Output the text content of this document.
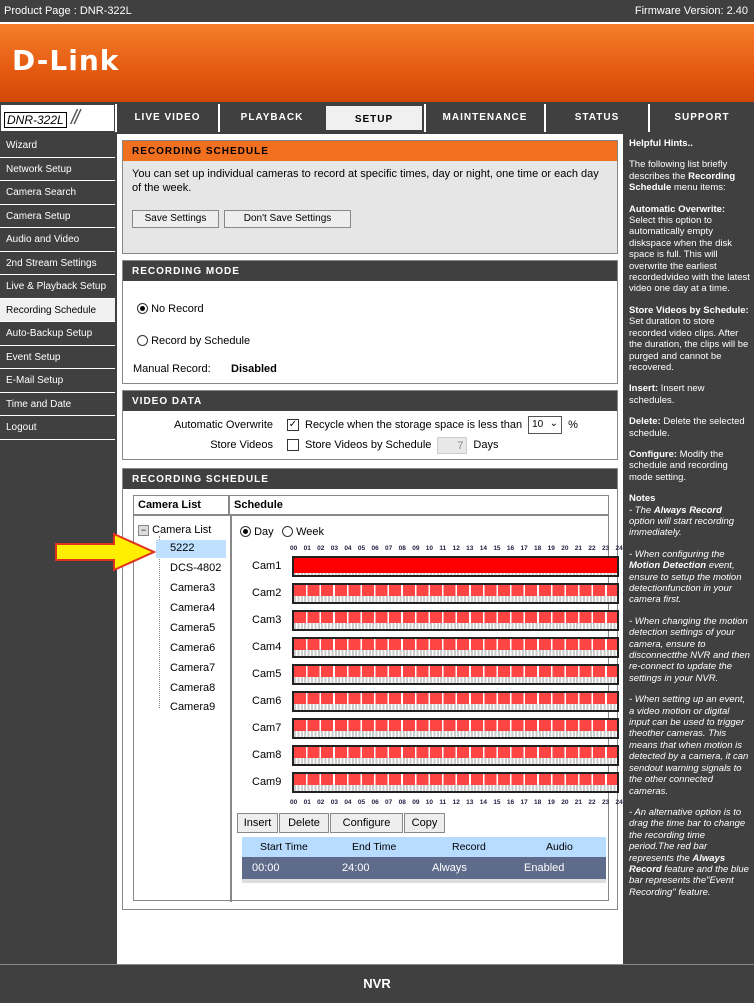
Product Page : DNR-322L	Firmware Version: 2.40
D-Link
DNR-322L //	LIVE VIDEO	PLAYBACK	SETUP	MAINTENANCE	STATUS	SUPPORT
Wizard
Network Setup
Camera Search
Camera Setup
Audio and Video
2nd Stream Settings
Live & Playback Setup
Recording Schedule
Auto-Backup Setup
Event Setup
E-Mail Setup
Time and Date
Logout
RECORDING SCHEDULE
You can set up individual cameras to record at specific times, day or night, one time or each day of the week.
Save Settings	Don't Save Settings
RECORDING MODE
No Record
Record by Schedule
Manual Record: Disabled
VIDEO DATA
Automatic Overwrite ✓ Recycle when the storage space is less than	10 ⌄ %
Store Videos	Store Videos by Schedule	7 Days
RECORDING SCHEDULE
Camera List	Schedule
− Camera List
5222
DCS-4802
Camera3
Camera4
Camera5
Camera6
Camera7
Camera8
Camera9
Day	Week
00 01 02 03 04 05 06 07 08 09 10 11 12 13 14 15 16 17 18 19 20 21 22 23 24
Cam1
Cam2
Cam3
Cam4
Cam5
Cam6
Cam7
Cam8
Cam9
00 01 02 03 04 05 06 07 08 09 10 11 12 13 14 15 16 17 18 19 20 21 22 23 24
Insert	Delete	Configure	Copy
Start Time	End Time	Record	Audio
00:00	24:00	Always	Enabled

Helpful Hints..

The following list briefly describes the Recording Schedule menu items:

Automatic Overwrite: Select this option to automatically empty diskspace when the disk space is full. This will overwrite the earliest recordedvideo with the latest video one day at a time.

Store Videos by Schedule: Set duration to store recorded video clips. After the duration, the clips will be purged and cannot be recovered.

Insert: Insert new schedules.

Delete: Delete the selected schedule.

Configure: Modify the schedule and recording mode setting.

Notes

- The Always Record option will start recording immediately.

- When configuring the Motion Detection event, ensure to setup the motion detectionfunction in your camera first.

- When changing the motion detection settings of your camera, ensure to disconnectthe NVR and then re-connect to update the settings in your NVR.

- When setting up an event, a video motion or digital input can be used to trigger theother cameras. This means that when motion is detected by a camera, it can sendout warning signals to the other connected cameras.

- An alternative option is to drag the time bar to change the recording time period.The red bar represents the Always Record feature and the blue bar represents the"Event Recording" feature.

NVR
